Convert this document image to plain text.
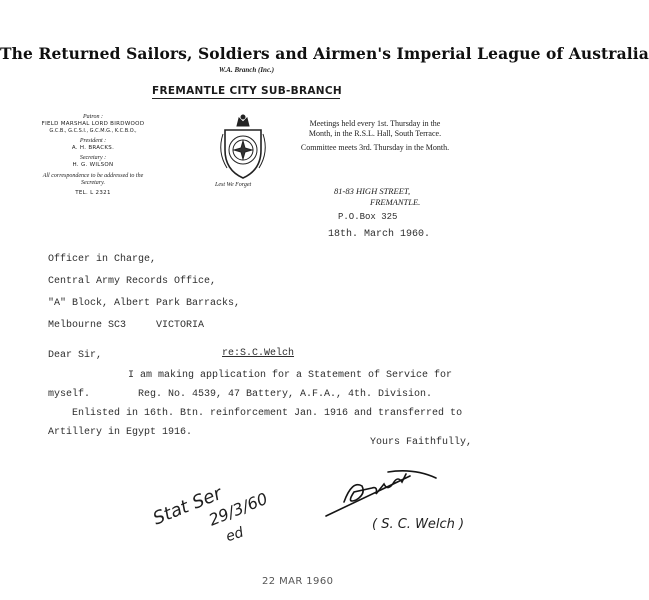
The Returned Sailors, Soldiers and Airmen's Imperial League of Australia
W.A. Branch (Inc.)
FREMANTLE CITY SUB-BRANCH
Patron :
FIELD MARSHAL LORD BIRDWOOD
G.C.B., G.C.S.I., G.C.M.G., K.C.B.O.,
President :
A. H. BRACKS.
Secretary :
H. G. WILSON
All correspondence to be addressed to the Secretary.
TEL. L 2321
Lest We Forget
Meetings held every 1st. Thursday in the Month, in the R.S.L. Hall, South Terrace.
Committee meets 3rd. Thursday in the Month.
81-83 HIGH STREET,
FREMANTLE.
P.O.Box 325
18th. March 1960.
Officer in Charge,
Central Army Records Office,
"A" Block, Albert Park Barracks,
Melbourne SC3     VICTORIA
Dear Sir,	re:S.C.Welch
I am making application for a Statement of Service for
myself.        Reg. No. 4539, 47 Battery, A.F.A., 4th. Division.
Enlisted in 16th. Btn. reinforcement Jan. 1916 and transferred to
Artillery in Egypt 1916.
Yours Faithfully,
( S. C. Welch )
Stat Ser
29/3/60
ed
22 MAR 1960
